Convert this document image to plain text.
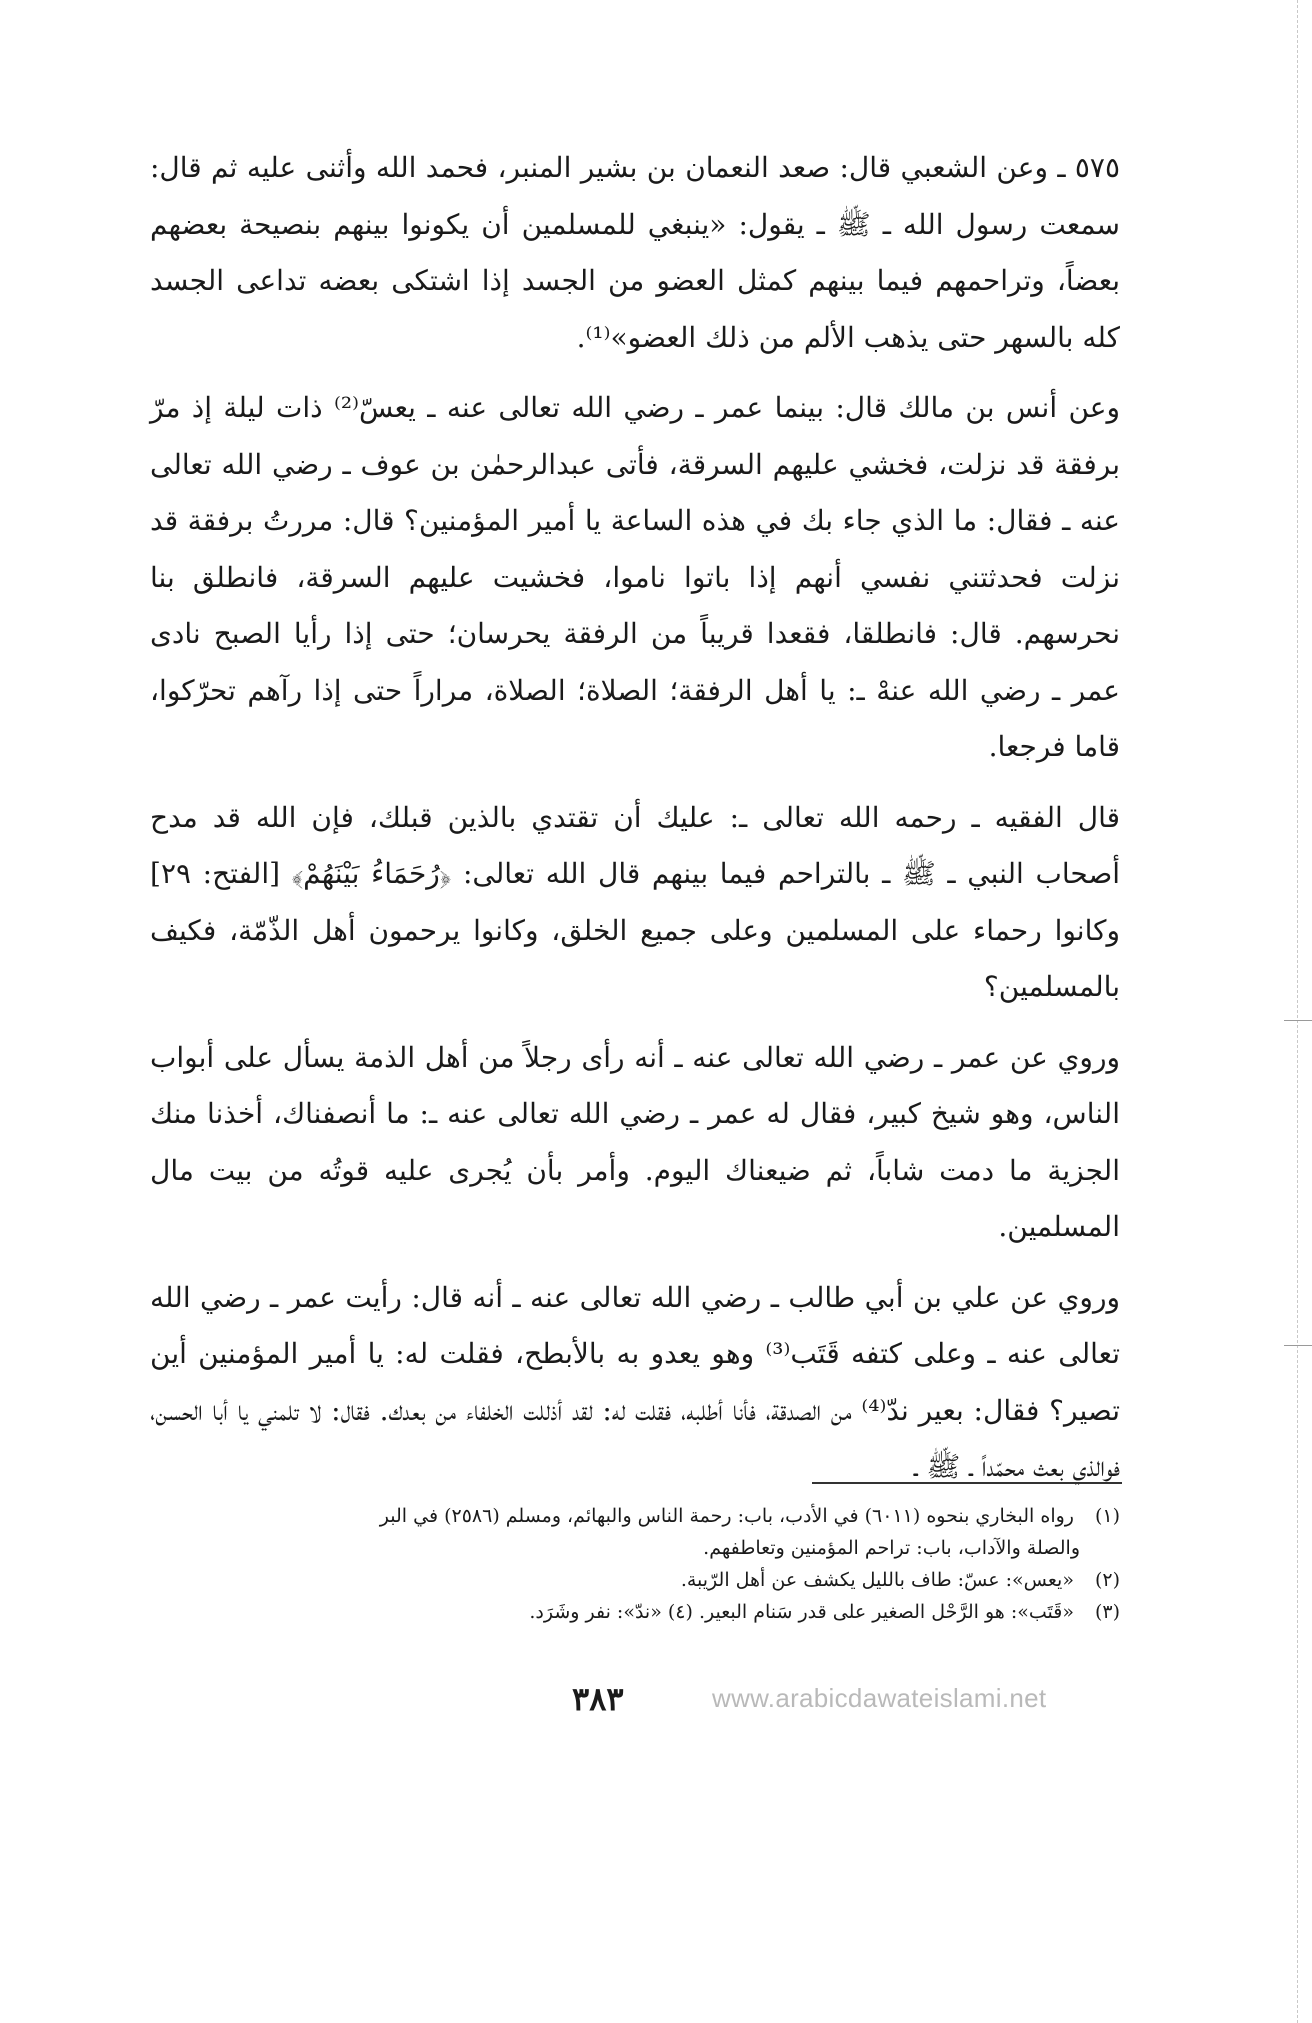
٥٧٥ ـ وعن الشعبي قال: صعد النعمان بن بشير المنبر، فحمد الله وأثنى عليه ثم قال: سمعت رسول الله ـ ﷺ ـ يقول: «ينبغي للمسلمين أن يكونوا بينهم بنصيحة بعضهم بعضاً، وتراحمهم فيما بينهم كمثل العضو من الجسد إذا اشتكى بعضه تداعى الجسد كله بالسهر حتى يذهب الألم من ذلك العضو»⁽¹⁾.

وعن أنس بن مالك قال: بينما عمر ـ رضي الله تعالى عنه ـ يعسّ⁽²⁾ ذات ليلة إذ مرّ برفقة قد نزلت، فخشي عليهم السرقة، فأتى عبدالرحمٰن بن عوف ـ رضي الله تعالى عنه ـ فقال: ما الذي جاء بك في هذه الساعة يا أمير المؤمنين؟ قال: مررتُ برفقة قد نزلت فحدثتني نفسي أنهم إذا باتوا ناموا، فخشيت عليهم السرقة، فانطلق بنا نحرسهم. قال: فانطلقا، فقعدا قريباً من الرفقة يحرسان؛ حتى إذا رأيا الصبح نادى عمر ـ رضي الله عنهْ ـ: يا أهل الرفقة؛ الصلاة؛ الصلاة، مراراً حتى إذا رآهم تحرّكوا، قاما فرجعا.

قال الفقيه ـ رحمه الله تعالى ـ: عليك أن تقتدي بالذين قبلك، فإن الله قد مدح أصحاب النبي ـ ﷺ ـ بالتراحم فيما بينهم قال الله تعالى: ﴿رُحَمَاءُ بَيْنَهُمْ﴾ [الفتح: ٢٩] وكانوا رحماء على المسلمين وعلى جميع الخلق، وكانوا يرحمون أهل الذّمّة، فكيف بالمسلمين؟

وروي عن عمر ـ رضي الله تعالى عنه ـ أنه رأى رجلاً من أهل الذمة يسأل على أبواب الناس، وهو شيخ كبير، فقال له عمر ـ رضي الله تعالى عنه ـ: ما أنصفناك، أخذنا منك الجزية ما دمت شاباً، ثم ضيعناك اليوم. وأمر بأن يُجرى عليه قوتُه من بيت مال المسلمين.

وروي عن علي بن أبي طالب ـ رضي الله تعالى عنه ـ أنه قال: رأيت عمر ـ رضي الله تعالى عنه ـ وعلى كتفه قَتَب⁽³⁾ وهو يعدو به بالأبطح، فقلت له: يا أمير المؤمنين أين تصير؟ فقال: بعير ندّ⁽⁴⁾ من الصدقة، فأنا أطلبه، فقلت له: لقد أذللت الخلفاء من بعدك. فقال: لا تلمني يا أبا الحسن، فوالذي بعث محمّداً ـ ﷺ ـ

(١) رواه البخاري بنحوه (٦٠١١) في الأدب، باب: رحمة الناس والبهائم، ومسلم (٢٥٨٦) في البر

والصلة والآداب، باب: تراحم المؤمنين وتعاطفهم.

(٢) «يعس»: عسّ: طاف بالليل يكشف عن أهل الرّيبة.

(٣) «قَتَب»: هو الرَّحْل الصغير على قدر سَنام البعير. (٤) «ندّ»: نفر وشَرَد.

٣٨٣	www.arabicdawateislami.net
